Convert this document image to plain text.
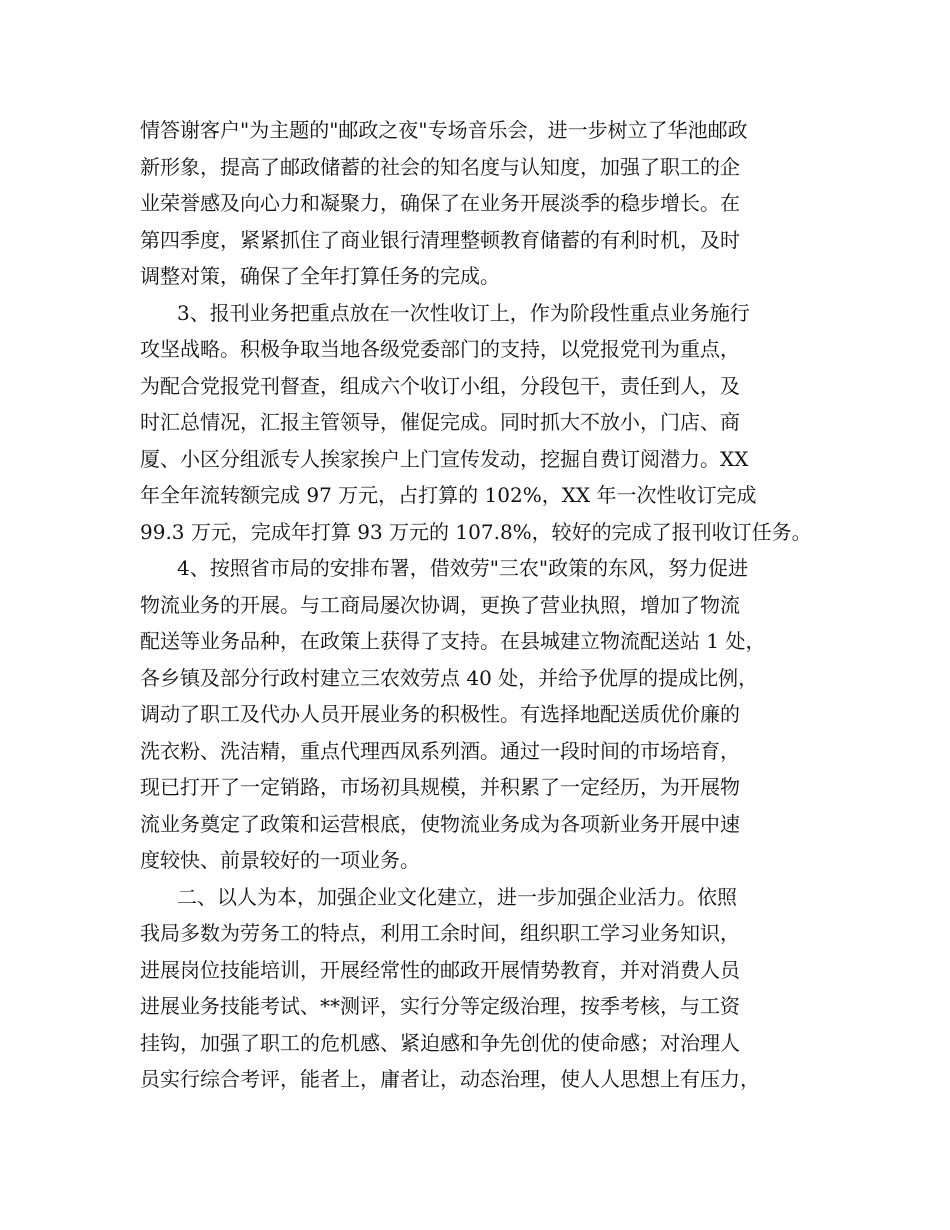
情答谢客户"为主题的"邮政之夜"专场音乐会，进一步树立了华池邮政
新形象，提高了邮政储蓄的社会的知名度与认知度，加强了职工的企
业荣誉感及向心力和凝聚力，确保了在业务开展淡季的稳步增长。在
第四季度，紧紧抓住了商业银行清理整顿教育储蓄的有利时机，及时
调整对策，确保了全年打算任务的完成。
3、报刊业务把重点放在一次性收订上，作为阶段性重点业务施行
攻坚战略。积极争取当地各级党委部门的支持，以党报党刊为重点，
为配合党报党刊督查，组成六个收订小组，分段包干，责任到人，及
时汇总情况，汇报主管领导，催促完成。同时抓大不放小，门店、商
厦、小区分组派专人挨家挨户上门宣传发动，挖掘自费订阅潜力。XX
年全年流转额完成 97 万元，占打算的 102%，XX 年一次性收订完成
99.3 万元，完成年打算 93 万元的 107.8%，较好的完成了报刊收订任务。
4、按照省市局的安排布署，借效劳"三农"政策的东风，努力促进
物流业务的开展。与工商局屡次协调，更换了营业执照，增加了物流
配送等业务品种，在政策上获得了支持。在县城建立物流配送站 1 处，
各乡镇及部分行政村建立三农效劳点 40 处，并给予优厚的提成比例，
调动了职工及代办人员开展业务的积极性。有选择地配送质优价廉的
洗衣粉、洗洁精，重点代理西凤系列酒。通过一段时间的市场培育，
现已打开了一定销路，市场初具规模，并积累了一定经历，为开展物
流业务奠定了政策和运营根底，使物流业务成为各项新业务开展中速
度较快、前景较好的一项业务。
二、以人为本，加强企业文化建立，进一步加强企业活力。依照
我局多数为劳务工的特点，利用工余时间，组织职工学习业务知识，
进展岗位技能培训，开展经常性的邮政开展情势教育，并对消费人员
进展业务技能考试、**测评，实行分等定级治理，按季考核，与工资
挂钩，加强了职工的危机感、紧迫感和争先创优的使命感；对治理人
员实行综合考评，能者上，庸者让，动态治理，使人人思想上有压力，
